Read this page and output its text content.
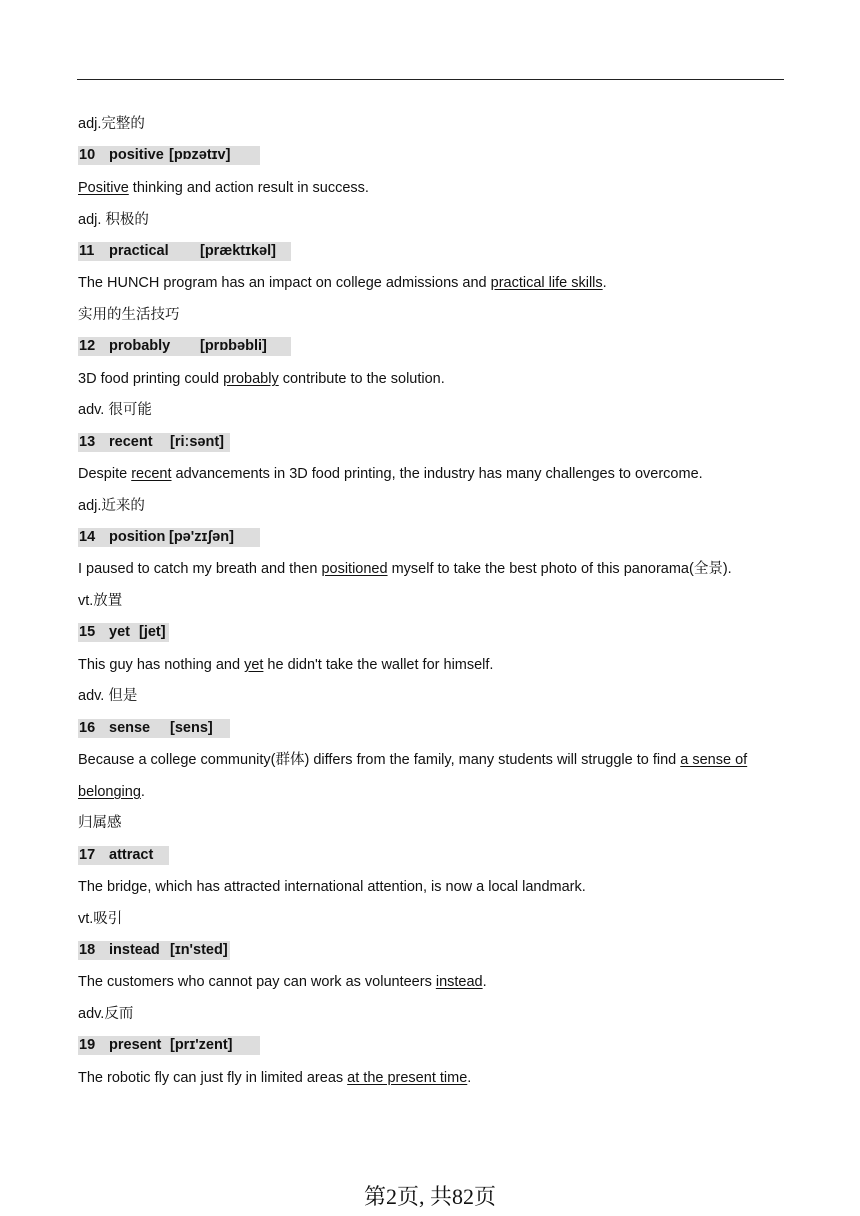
adj.完整的
10 positive [pɒzətɪv]
Positive thinking and action result in success.
adj. 积极的
11 practical [præktɪkəl]
The HUNCH program has an impact on college admissions and practical life skills.
实用的生活技巧
12 probably [prɒbəbli]
3D food printing could probably contribute to the solution.
adv. 很可能
13 recent [riːsənt]
Despite recent advancements in 3D food printing, the industry has many challenges to overcome.
adj.近来的
14 position [pə'zɪʃən]
I paused to catch my breath and then positioned myself to take the best photo of this panorama(全景).
vt.放置
15 yet [jet]
This guy has nothing and yet he didn't take the wallet for himself.
adv. 但是
16 sense [sens]
Because a college community(群体) differs from the family, many students will struggle to find a sense of
belonging.
归属感
17 attract
The bridge, which has attracted international attention, is now a local landmark.
vt.吸引
18 instead [ɪn'sted]
The customers who cannot pay can work as volunteers instead.
adv.反而
19 present [prɪ'zent]
The robotic fly can just fly in limited areas at the present time.
第2页, 共82页
